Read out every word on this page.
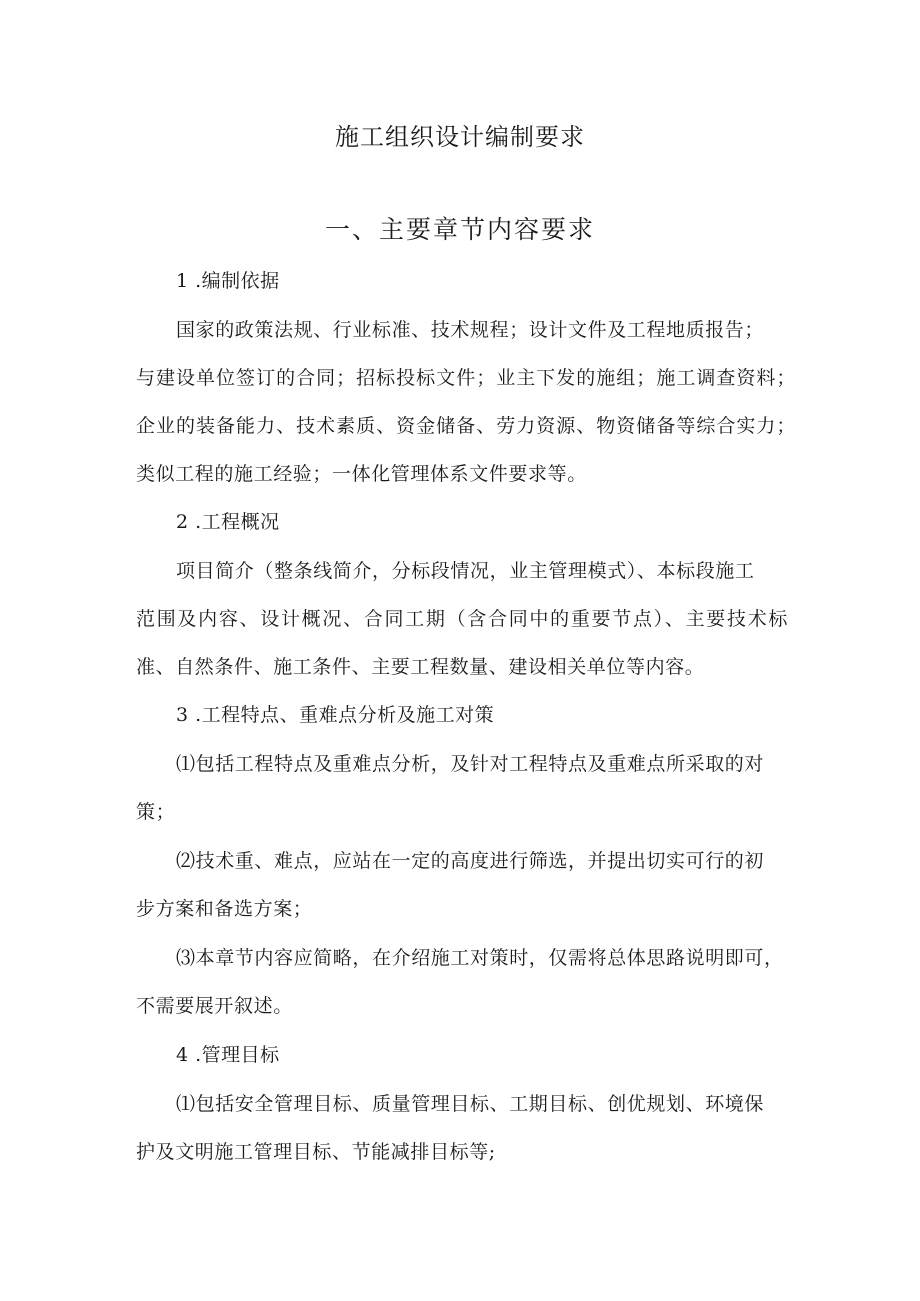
施工组织设计编制要求
一、主要章节内容要求
1 .编制依据
国家的政策法规、行业标准、技术规程；设计文件及工程地质报告；
与建设单位签订的合同；招标投标文件；业主下发的施组；施工调查资料；
企业的装备能力、技术素质、资金储备、劳力资源、物资储备等综合实力；
类似工程的施工经验；一体化管理体系文件要求等。
2 .工程概况
项目简介（整条线简介，分标段情况，业主管理模式）、本标段施工
范围及内容、设计概况、合同工期（含合同中的重要节点）、主要技术标
准、自然条件、施工条件、主要工程数量、建设相关单位等内容。
3 .工程特点、重难点分析及施工对策
⑴包括工程特点及重难点分析，及针对工程特点及重难点所采取的对
策；
⑵技术重、难点，应站在一定的高度进行筛选，并提出切实可行的初
步方案和备选方案；
⑶本章节内容应简略，在介绍施工对策时，仅需将总体思路说明即可，
不需要展开叙述。
4 .管理目标
⑴包括安全管理目标、质量管理目标、工期目标、创优规划、环境保
护及文明施工管理目标、节能减排目标等;
